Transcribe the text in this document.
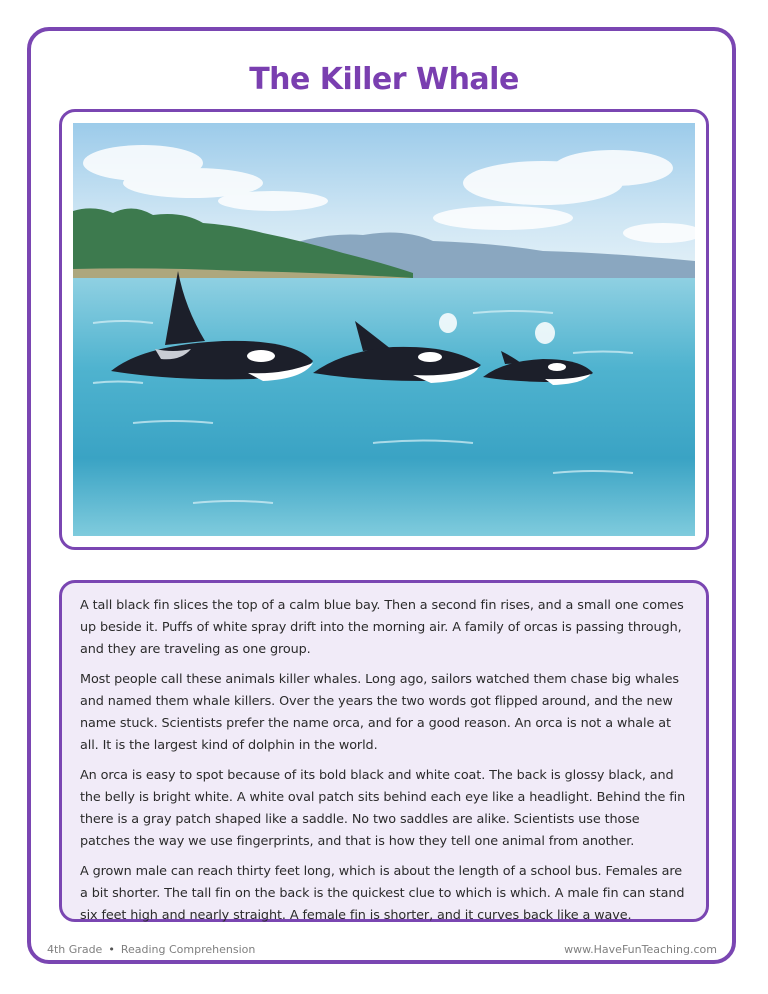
The Killer Whale

A tall black fin slices the top of a calm blue bay. Then a second fin rises, and a small one comes up beside it. Puffs of white spray drift into the morning air. A family of orcas is passing through, and they are traveling as one group.

Most people call these animals killer whales. Long ago, sailors watched them chase big whales and named them whale killers. Over the years the two words got flipped around, and the new name stuck. Scientists prefer the name orca, and for a good reason. An orca is not a whale at all. It is the largest kind of dolphin in the world.

An orca is easy to spot because of its bold black and white coat. The back is glossy black, and the belly is bright white. A white oval patch sits behind each eye like a headlight. Behind the fin there is a gray patch shaped like a saddle. No two saddles are alike. Scientists use those patches the way we use fingerprints, and that is how they tell one animal from another.

A grown male can reach thirty feet long, which is about the length of a school bus. Females are a bit shorter. The tall fin on the back is the quickest clue to which is which. A male fin can stand six feet high and nearly straight. A female fin is shorter, and it curves back like a wave.

4th Grade • Reading Comprehension	www.HaveFunTeaching.com
